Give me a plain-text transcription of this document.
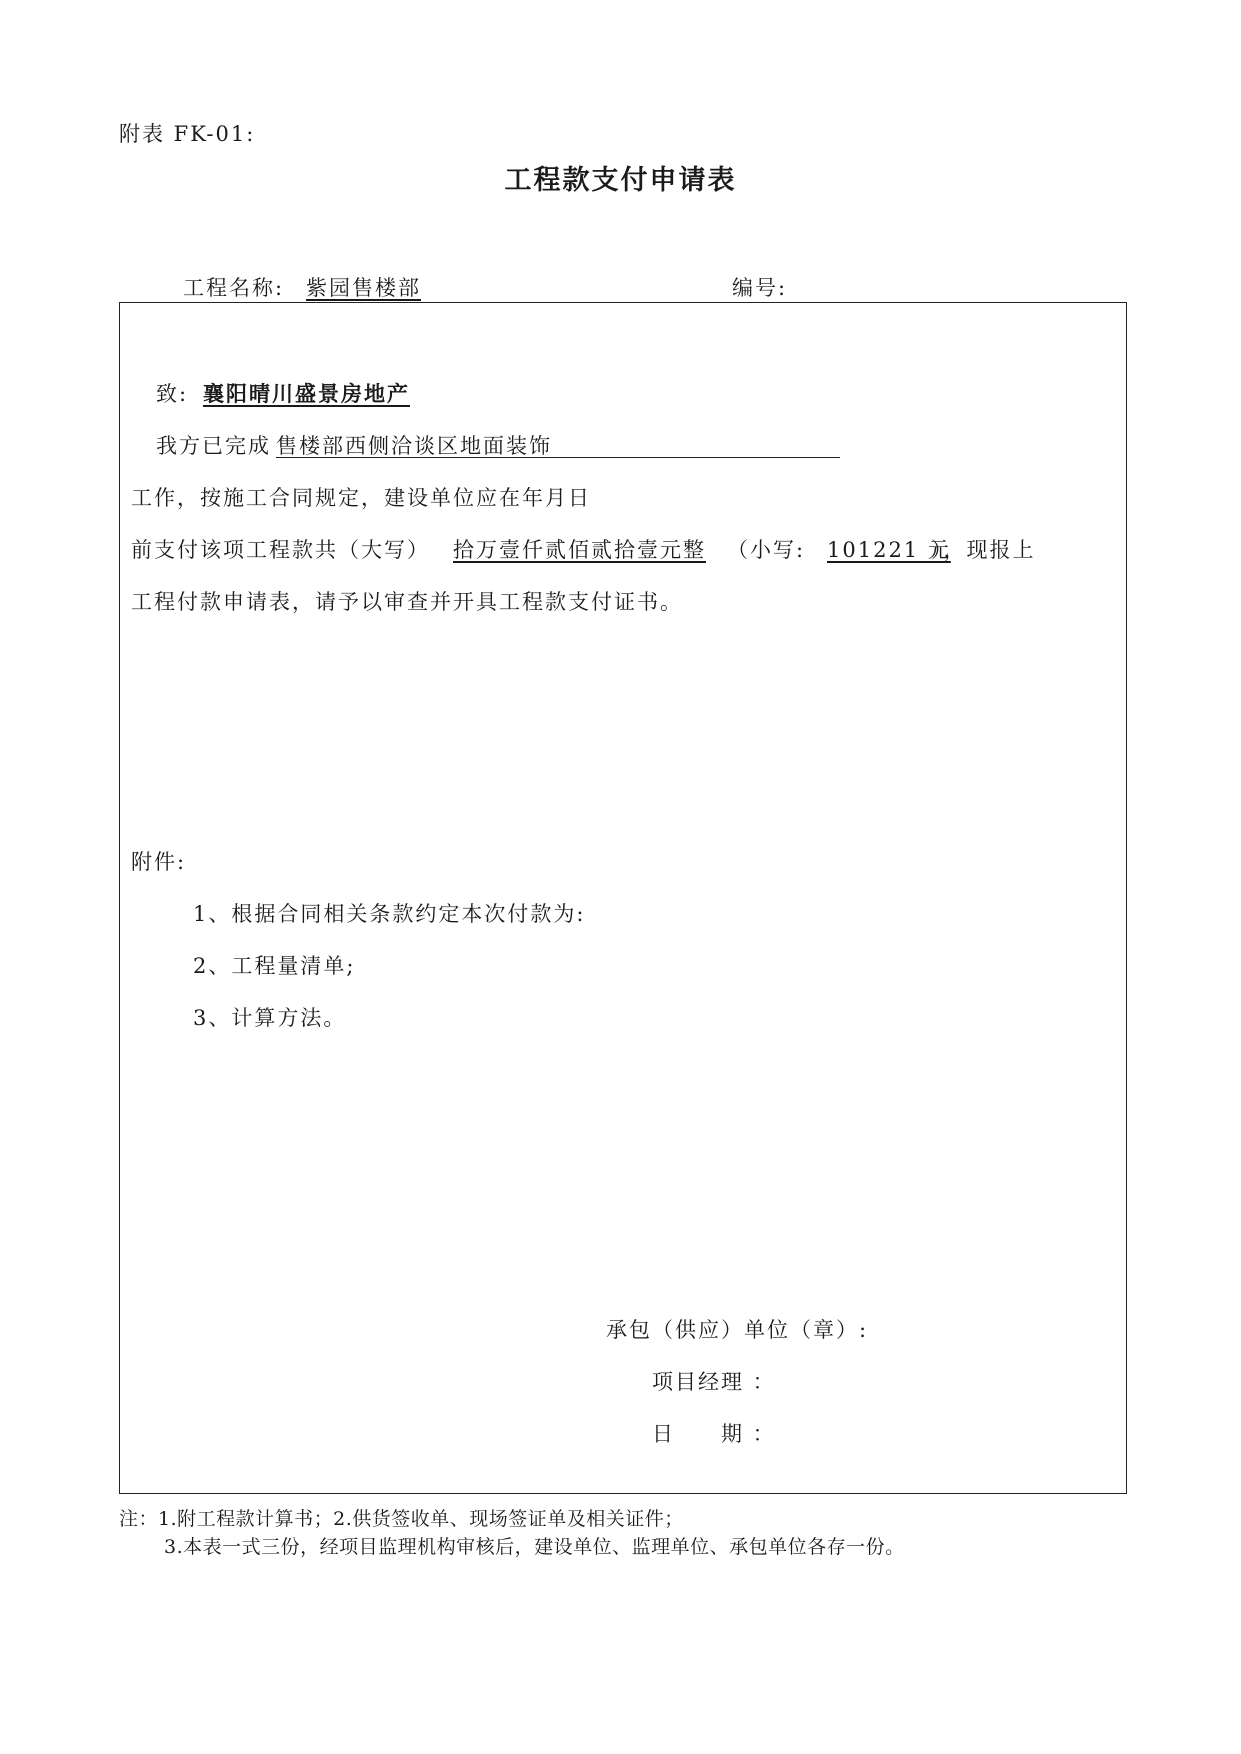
附表 FK-01:
工程款支付申请表
工程名称: 紫园售楼部	编号:
致: 襄阳晴川盛景房地产
我方已完成 售楼部西侧洽谈区地面装饰
工作，按施工合同规定，建设单位应在年月日
前支付该项工程款共（大写） 拾万壹仟贰佰贰拾壹元整 （小写: 101221 元
），现报上
工程付款申请表，请予以审查并开具工程款支付证书。
附件:
1、根据合同相关条款约定本次付款为:
2、工程量清单;
3、计算方法。
承包（供应）单位（章）:
项目经理 ：
日　　期 ：
注：1.附工程款计算书；2.供货签收单、现场签证单及相关证件；
3.本表一式三份，经项目监理机构审核后，建设单位、监理单位、承包单位各存一份。
